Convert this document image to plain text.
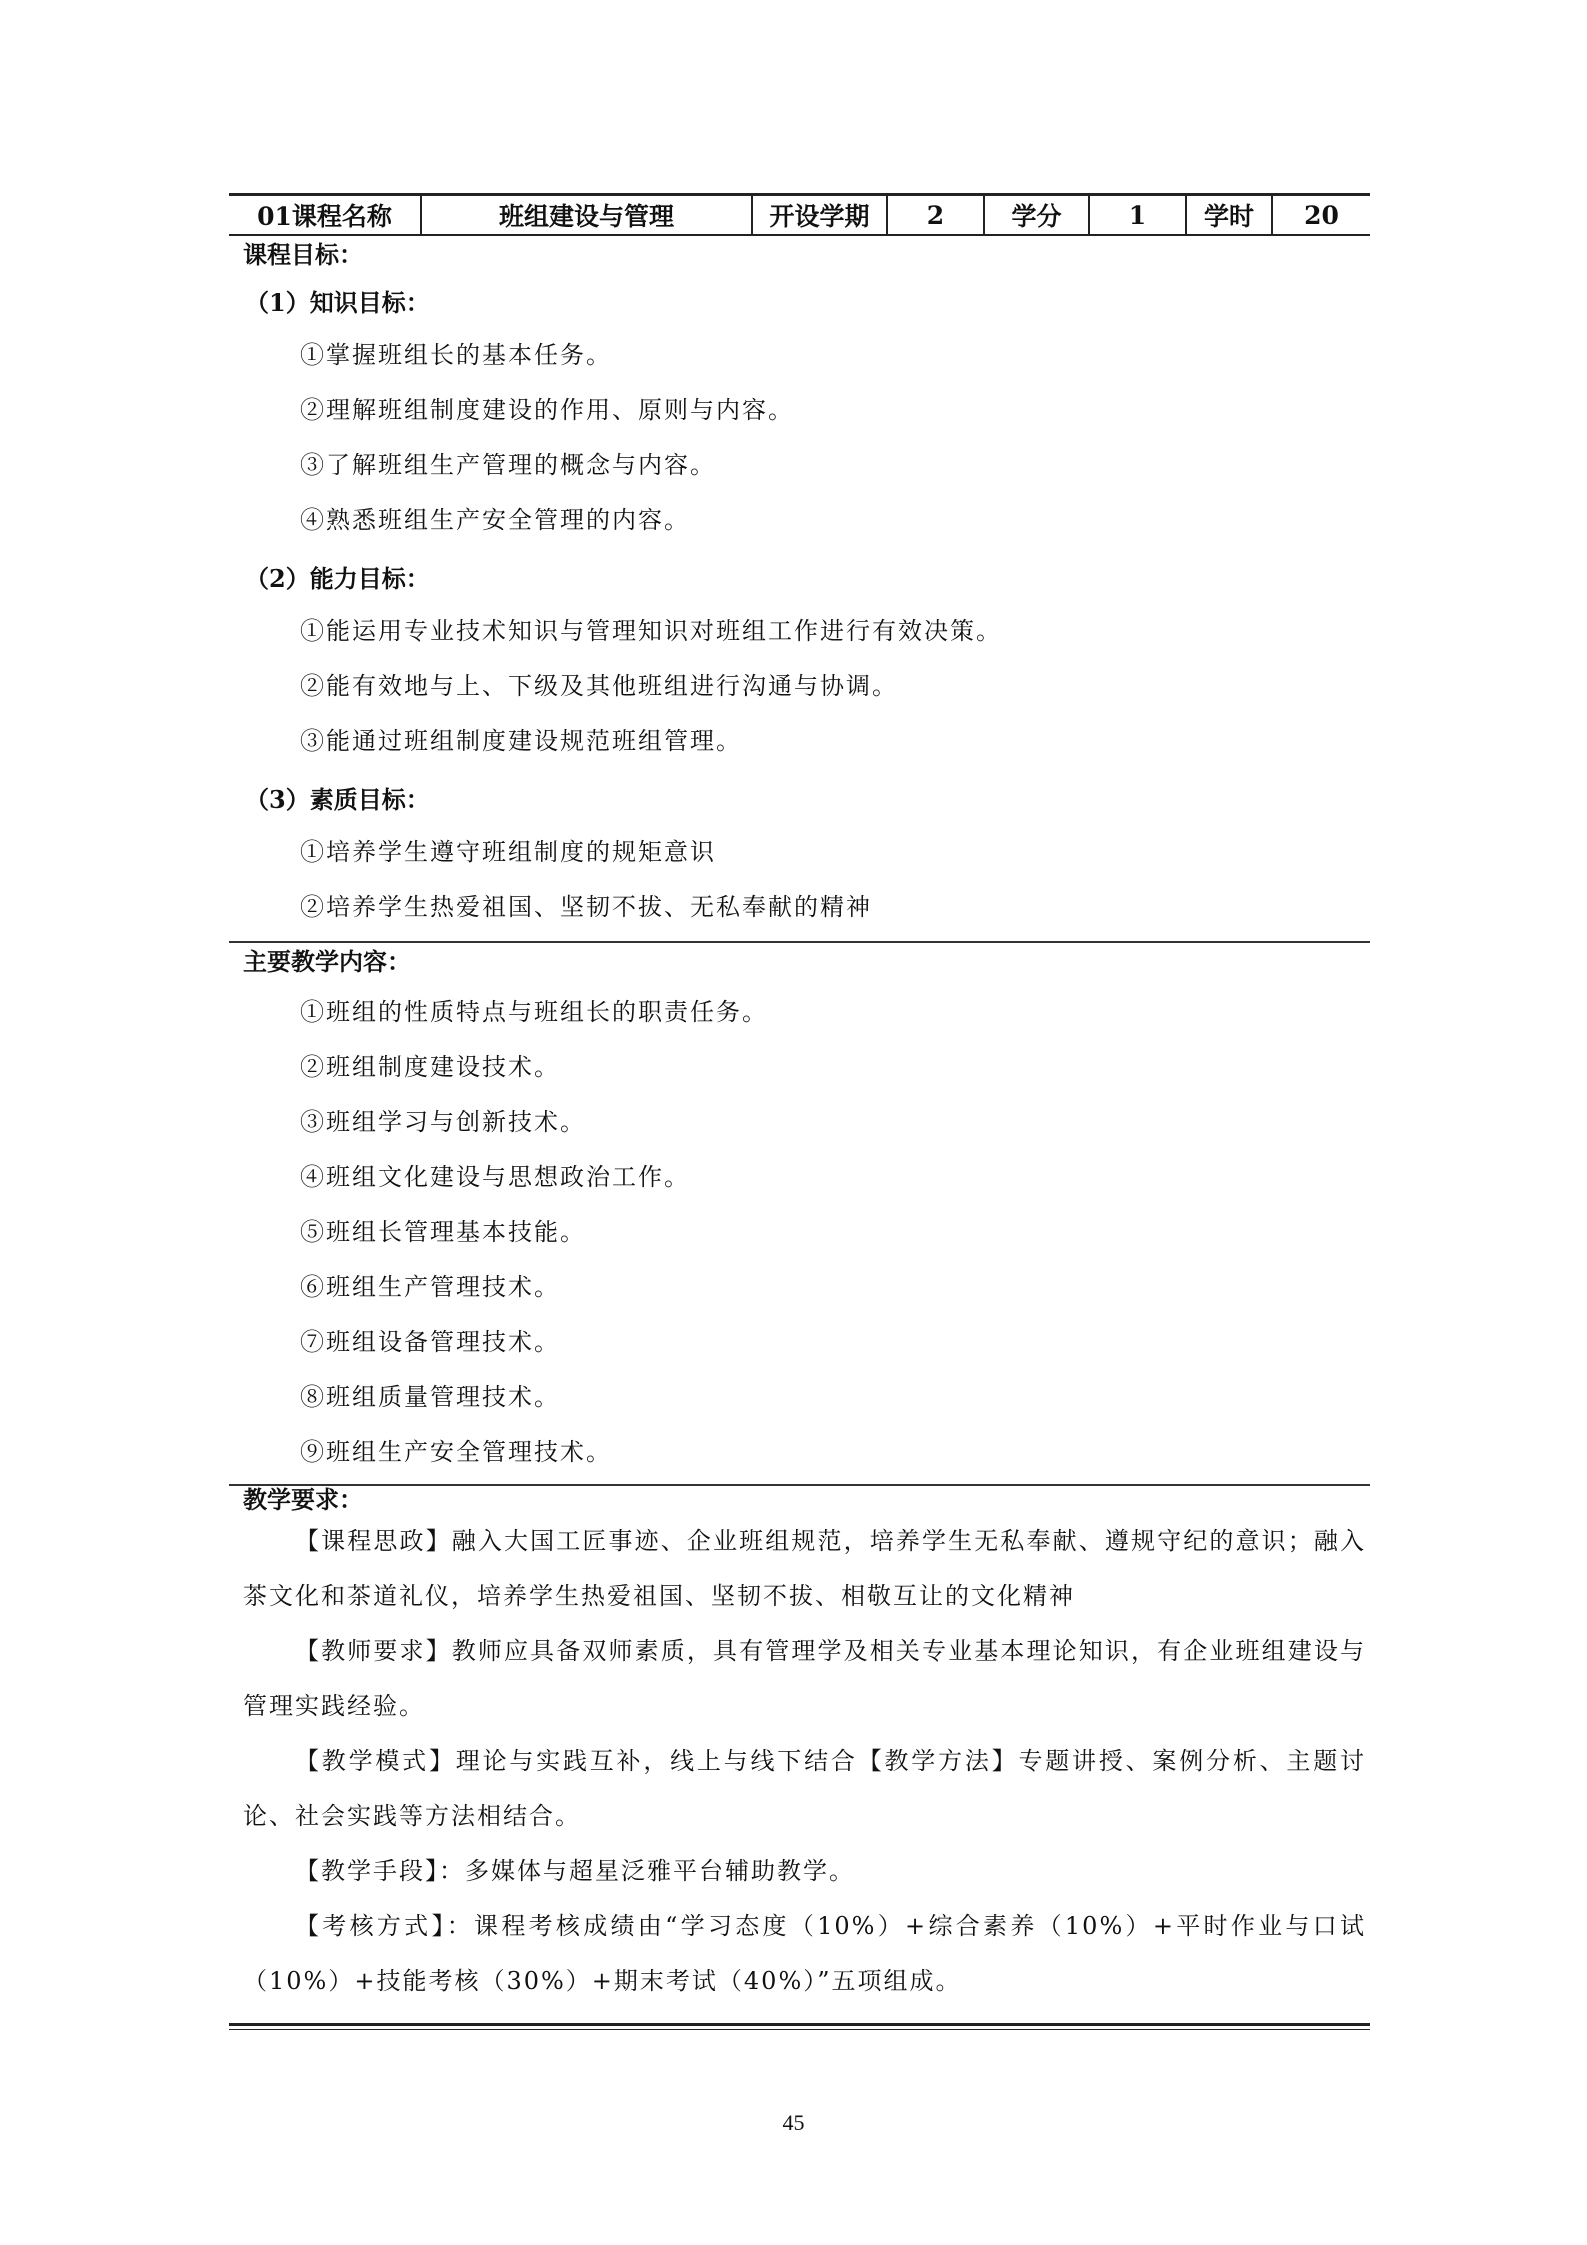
01课程名称	班组建设与管理	开设学期	2	学分	1	学时	20
课程目标：
（1）知识目标：
①掌握班组长的基本任务。
②理解班组制度建设的作用、原则与内容。
③了解班组生产管理的概念与内容。
④熟悉班组生产安全管理的内容。
（2）能力目标：
①能运用专业技术知识与管理知识对班组工作进行有效决策。
②能有效地与上、下级及其他班组进行沟通与协调。
③能通过班组制度建设规范班组管理。
（3）素质目标：
①培养学生遵守班组制度的规矩意识
②培养学生热爱祖国、坚韧不拔、无私奉献的精神
主要教学内容：
①班组的性质特点与班组长的职责任务。
②班组制度建设技术。
③班组学习与创新技术。
④班组文化建设与思想政治工作。
⑤班组长管理基本技能。
⑥班组生产管理技术。
⑦班组设备管理技术。
⑧班组质量管理技术。
⑨班组生产安全管理技术。
教学要求：

【课程思政】融入大国工匠事迹、企业班组规范，培养学生无私奉献、遵规守纪的意识；融入茶文化和茶道礼仪，培养学生热爱祖国、坚韧不拔、相敬互让的文化精神

【教师要求】教师应具备双师素质，具有管理学及相关专业基本理论知识，有企业班组建设与管理实践经验。

【教学模式】理论与实践互补，线上与线下结合【教学方法】专题讲授、案例分析、主题讨论、社会实践等方法相结合。

【教学手段】：多媒体与超星泛雅平台辅助教学。

【考核方式】：课程考核成绩由“学习态度（10%）+综合素养（10%）+平时作业与口试（10%）+技能考核（30%）+期末考试（40%）”五项组成。

45
